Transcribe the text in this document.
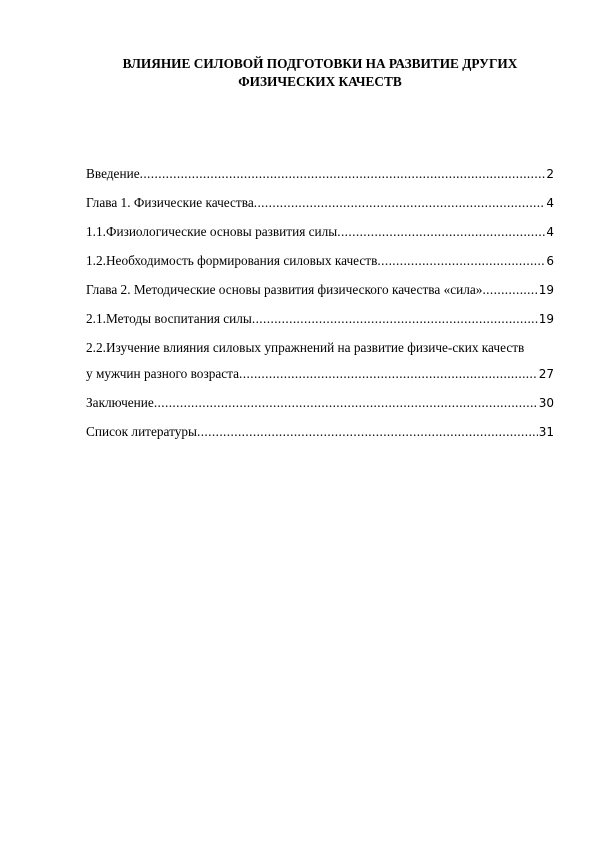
ВЛИЯНИЕ СИЛОВОЙ ПОДГОТОВКИ НА РАЗВИТИЕ ДРУГИХ
ФИЗИЧЕСКИХ КАЧЕСТВ
Введение .....	2
Глава 1. Физические качества .....	4
1.1.Физиологические основы развития силы .....	4
1.2.Необходимость формирования силовых качеств .....	6
Глава 2. Методические основы развития физического качества «сила» .....	19
2.1.Методы воспитания силы .....	19
2.2.Изучение влияния силовых упражнений на развитие физиче-ских качеств
у мужчин разного возраста .....	27
Заключение .....	30
Список литературы .....	31
